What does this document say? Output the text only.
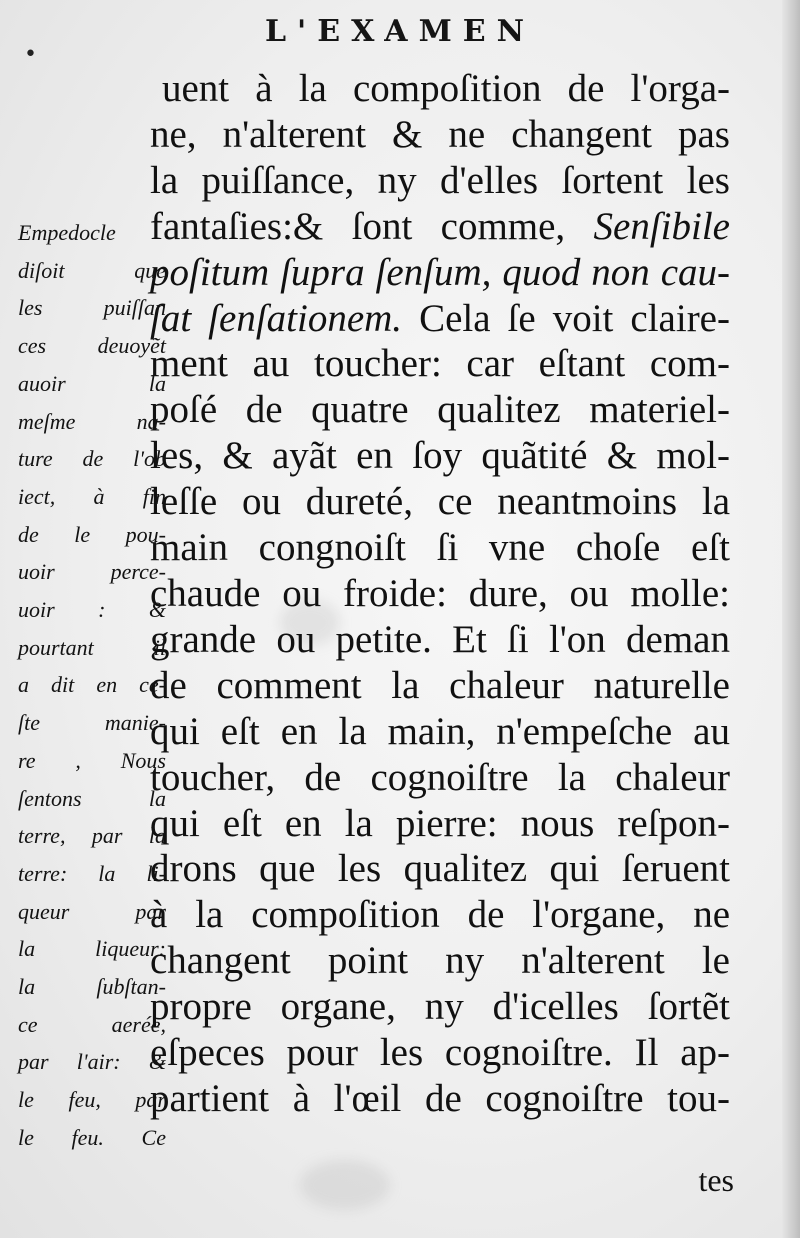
•
L'EXAMEN
uent à la compoſition de l'orga-
ne, n'alterent & ne changent pas
la puiſſance, ny d'elles ſortent les
fantaſies:& ſont comme, Senſibile
poſitum ſupra ſenſum, quod non cau-
ſat ſenſationem. Cela ſe voit claire-
ment au toucher: car eſtant com-
poſé de quatre qualitez materiel-
les, & ayãt en ſoy quãtité & mol-
leſſe ou dureté, ce neantmoins la
main congnoiſt ſi vne choſe eſt
chaude ou froide: dure, ou molle:
grande ou petite. Et ſi l'on deman
de comment la chaleur naturelle
qui eſt en la main, n'empeſche au
toucher, de cognoiſtre la chaleur
qui eſt en la pierre: nous reſpon-
drons que les qualitez qui ſeruent
à la compoſition de l'organe, ne
changent point ny n'alterent le
propre organe, ny d'icelles ſortẽt
eſpeces pour les cognoiſtre. Il ap-
partient à l'œil de cognoiſtre tou-
Empedocle
diſoit que
les puiſſan
ces deuoyẽt
auoir la
meſme na-
ture de l'ob
iect, à fin
de le pou-
uoir perce-
uoir : &
pourtant il
a dit en ce-
ſte manie-
re , Nous
ſentons la
terre, par la
terre: la li-
queur par
la liqueur:
la ſubſtan-
ce aerée,
par l'air: &
le feu, par
le feu. Ce
tes
